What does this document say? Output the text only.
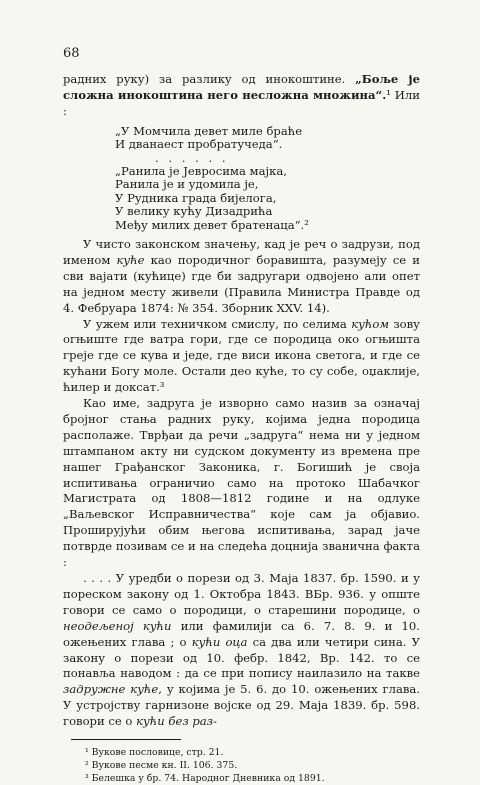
68

радних руку) за разлику од инокоштине. „Боље је сложна инокоштина него несложна множина“.¹ Или :

„У Момчила девет миле браће
И дванаест пробратучеда“.
. . . . . .
„Ранила је Јевросима мајка,
Ранила је и удомила је,
У Рудника града бијелога,
У велику кућу Дизадрића
Међу милих девет братенаца“.²

У чисто законском значењу, кад је реч о задрузи, под именом кућe као породичног боравишта, разумеју се и сви вајати (кућице) где би задругари одвојено али опет на једном месту живели (Правила Министра Правде од 4. Фебруара 1874: № 354. Зборник XXV. 14).

У ужем или техничком смислу, по селима кућом зову огњиште где ватра гори, где се породица око огњишта греје где се кува и једе, где виси икона светога, и где се кућани Богу моле. Остали део куће, то су собе, оџаклије, ћилер и доксат.³

Као име, задруга је изворно само назив за означај бројног стања радних руку, којима једна породица располаже. Тврђаи да речи „задруга“ нема ни у једном штампаном акту ни судском документу из времена пре нашег Грађанског Законика, г. Богишић је своја испитивања ограничио само на протоко Шабачког Магистрата од 1808—1812 године и на одлуке „Ваљевског Исправничества“ које сам ја објавио. Проширујући обим његова испитивања, зарад јаче потврде позивам се и на следећа доцнија званична факта :

. . . . У уредби о порези од 3. Маја 1837. бр. 1590. и у пореском закону од 1. Октобра 1843. ВБр. 936. у опште говори се само о породици, о старешини породице, о неодељеној кући или фамилији са 6. 7. 8. 9. и 10. ожењених глава ; о кући оца са два или четири сина. У закону о порези од 10. фебр. 1842, Вр. 142. то се понавља наводом : да се при попису наилазило на такве задружне куће, у којима је 5. 6. до 10. ожењених глава. У устројству гарнизоне војске од 29. Маја 1839. бр. 598. говори се о кући без раз-

¹ Вукове пословице, стр. 21.
² Вукове песме кн. II. 106. 375.
³ Белешка у бр. 74. Народног Дневника од 1891.
